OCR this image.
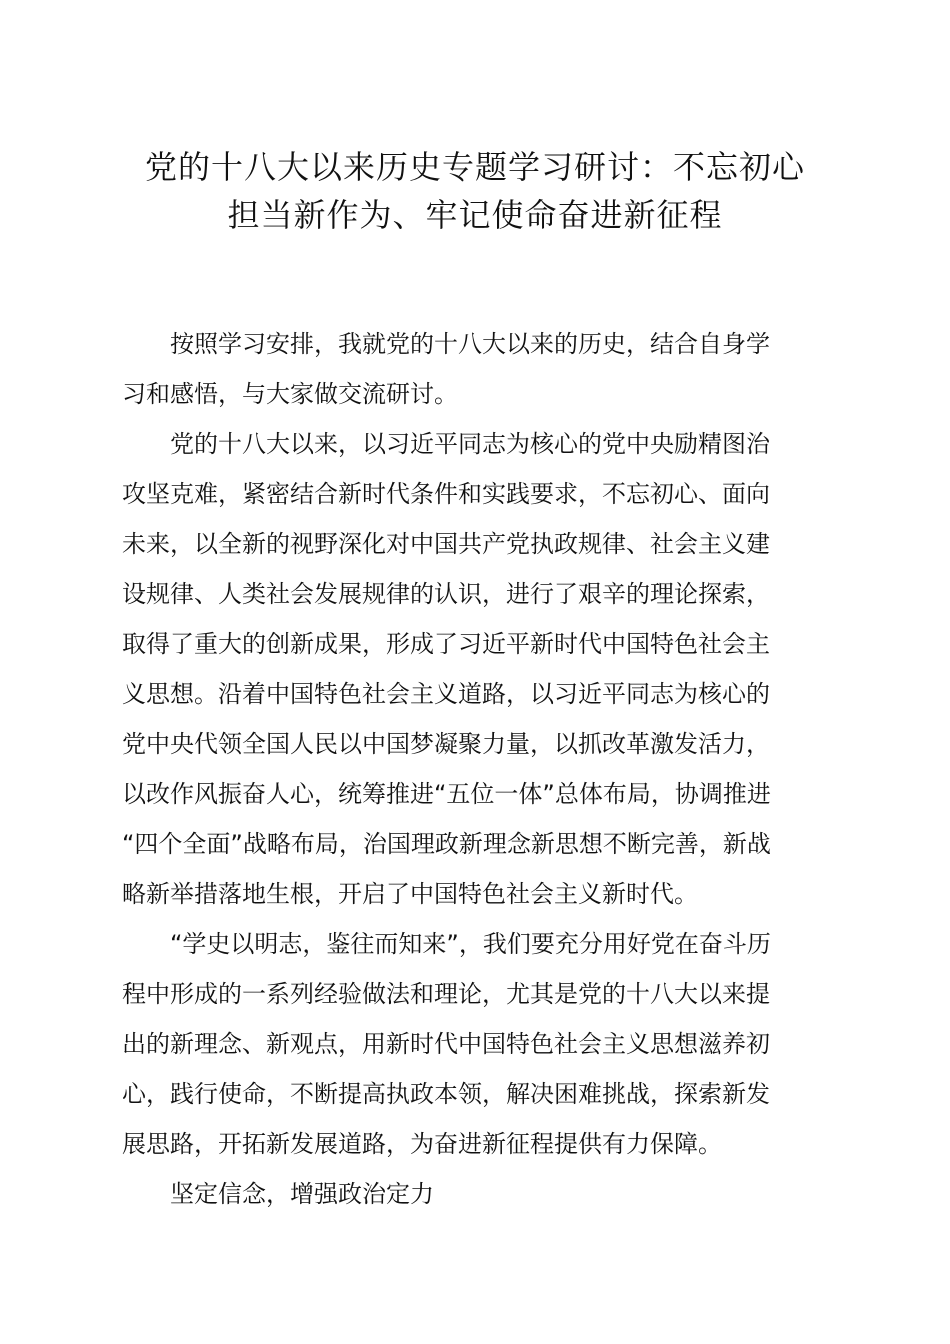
党的十八大以来历史专题学习研讨：不忘初心
担当新作为、牢记使命奋进新征程

按照学习安排，我就党的十八大以来的历史，结合自身学
习和感悟，与大家做交流研讨。

党的十八大以来，以习近平同志为核心的党中央励精图治
攻坚克难，紧密结合新时代条件和实践要求，不忘初心、面向
未来，以全新的视野深化对中国共产党执政规律、社会主义建
设规律、人类社会发展规律的认识，进行了艰辛的理论探索，
取得了重大的创新成果，形成了习近平新时代中国特色社会主
义思想。沿着中国特色社会主义道路，以习近平同志为核心的
党中央代领全国人民以中国梦凝聚力量，以抓改革激发活力，
以改作风振奋人心，统筹推进“五位一体”总体布局，协调推进
“四个全面”战略布局，治国理政新理念新思想不断完善，新战
略新举措落地生根，开启了中国特色社会主义新时代。

“学史以明志，鉴往而知来”，我们要充分用好党在奋斗历
程中形成的一系列经验做法和理论，尤其是党的十八大以来提
出的新理念、新观点，用新时代中国特色社会主义思想滋养初
心，践行使命，不断提高执政本领，解决困难挑战，探索新发
展思路，开拓新发展道路，为奋进新征程提供有力保障。

坚定信念，增强政治定力
